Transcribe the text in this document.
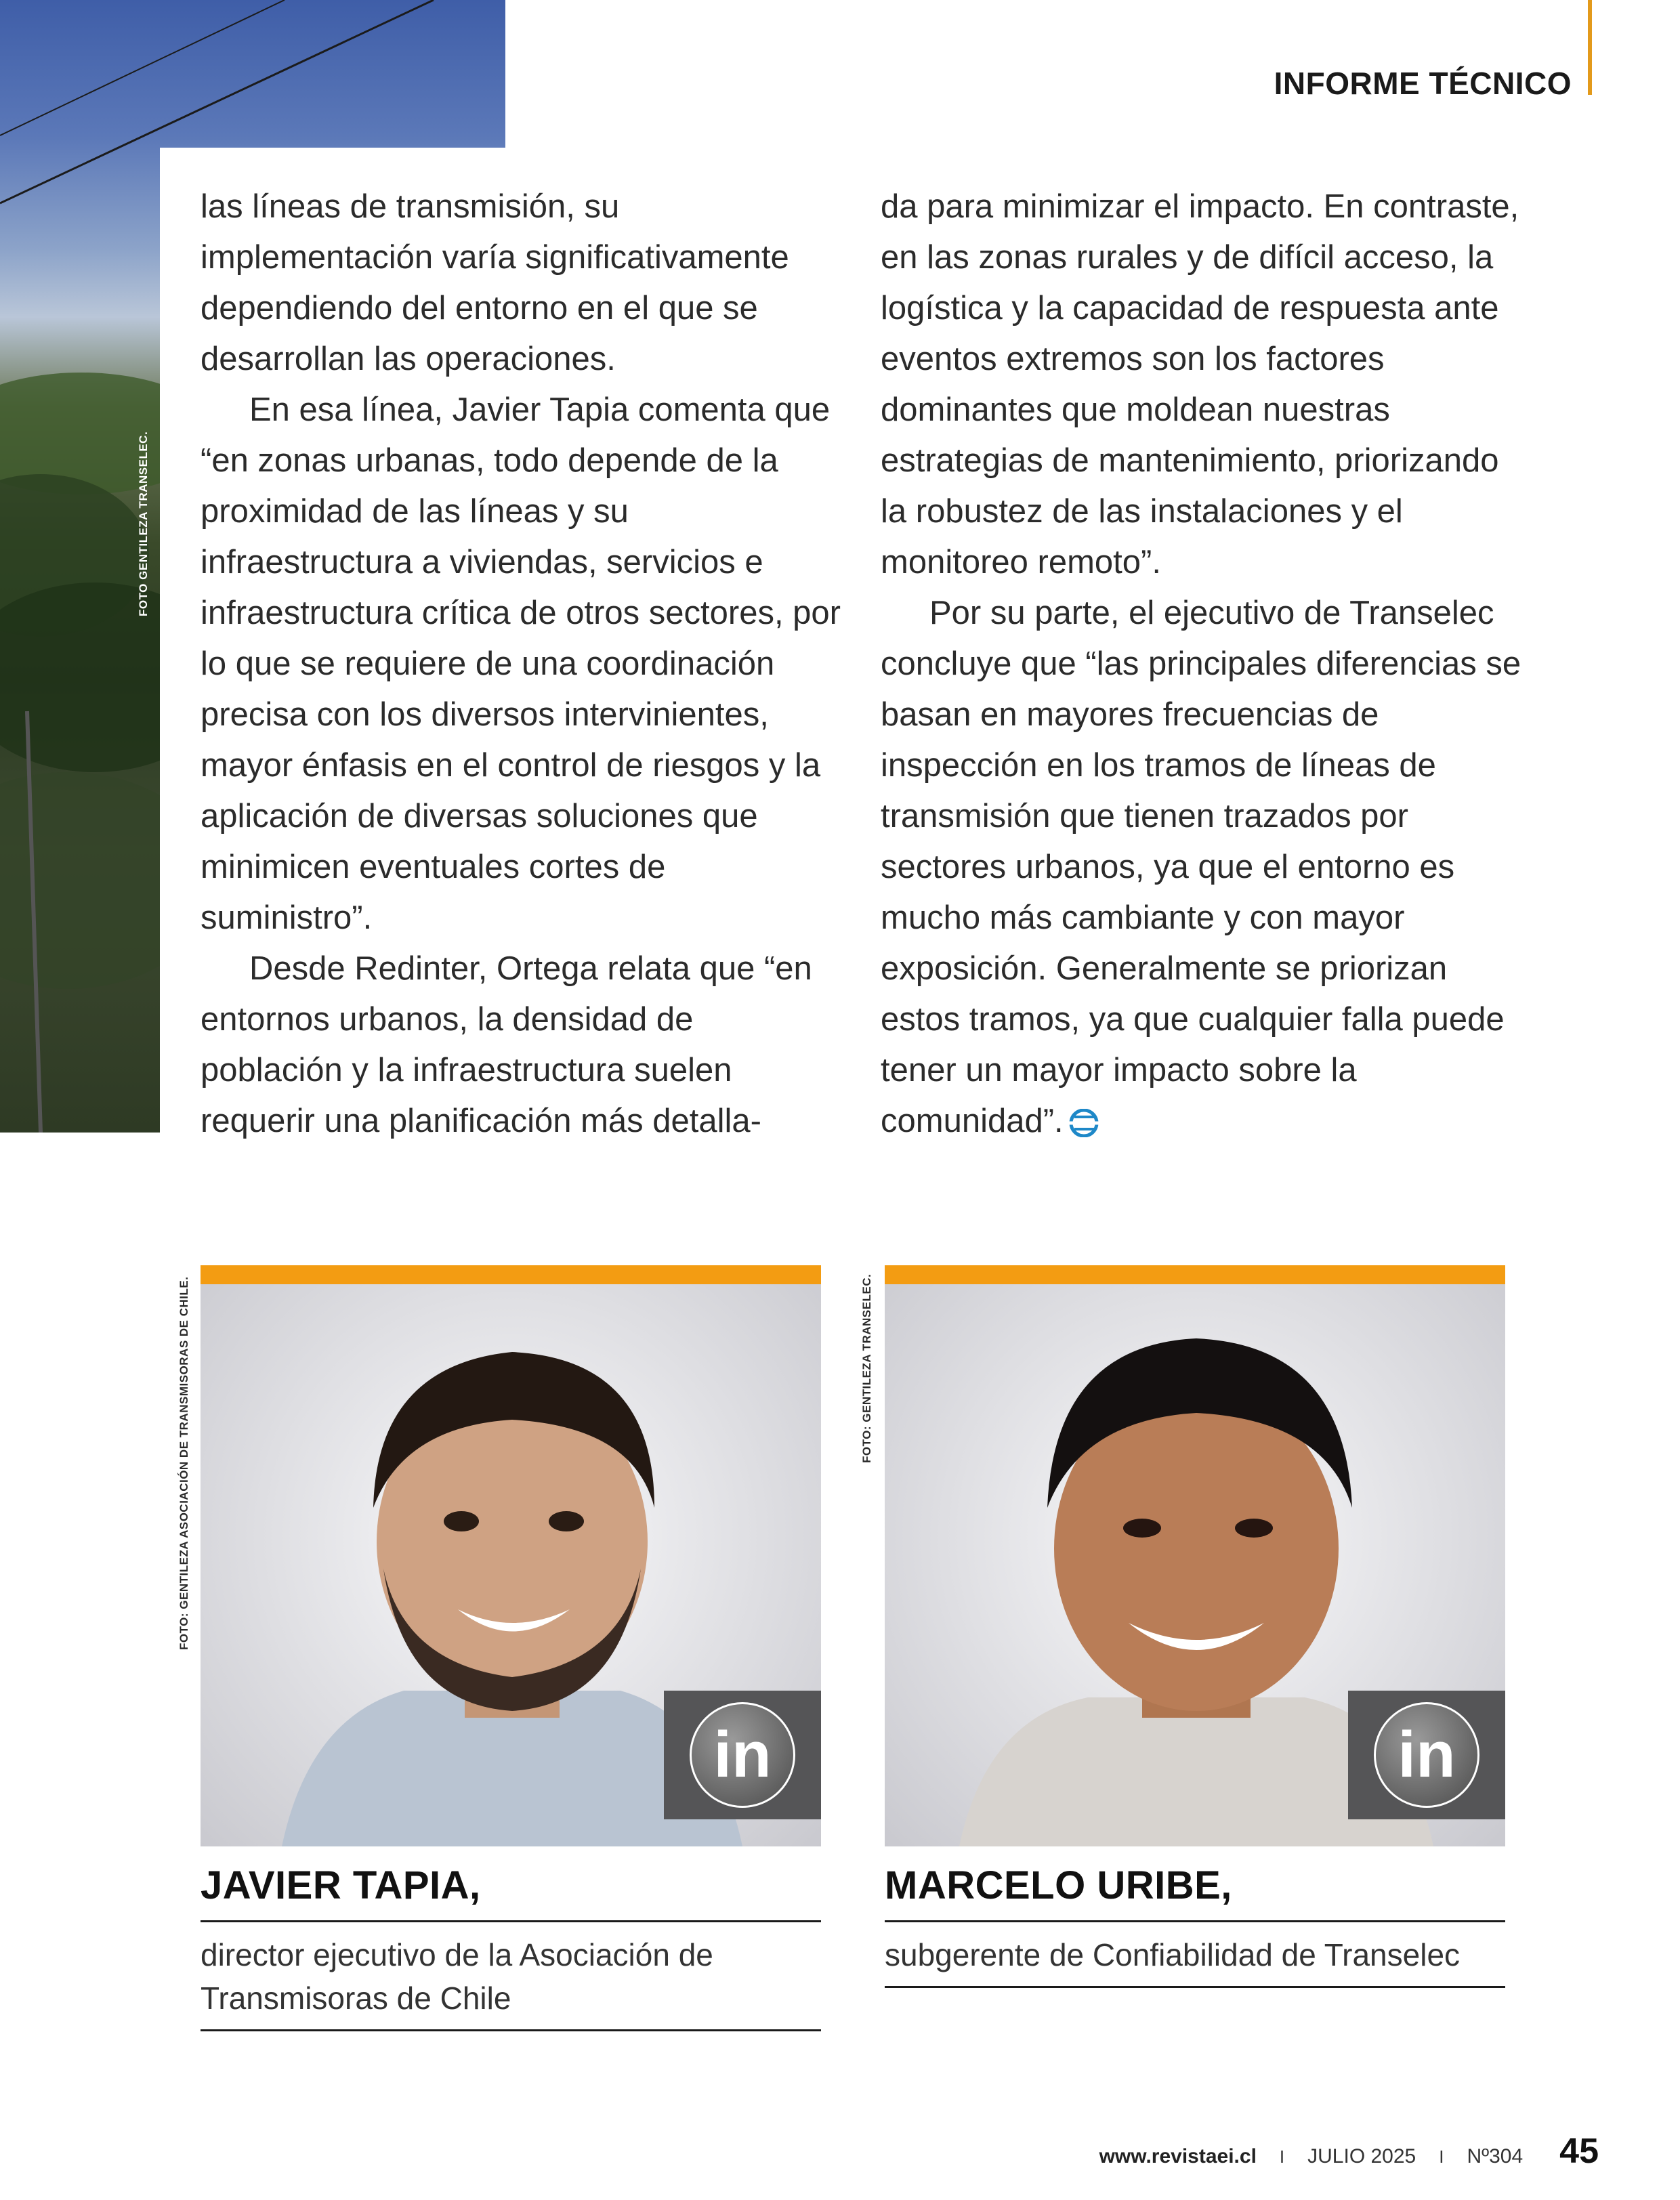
FOTO GENTILEZA TRANSELEC.
INFORME TÉCNICO

las líneas de transmisión, su implementación varía significativamente dependiendo del entorno en el que se desarrollan las operaciones.

En esa línea, Javier Tapia comenta que “en zonas urbanas, todo depende de la proximidad de las líneas y su infraestructura a viviendas, servicios e infraestructura crítica de otros sectores, por lo que se requiere de una coordinación precisa con los diversos intervinientes, mayor énfasis en el control de riesgos y la aplicación de diversas soluciones que minimicen eventuales cortes de suministro”.

Desde Redinter, Ortega relata que “en entornos urbanos, la densidad de población y la infraestructura suelen requerir una planificación más detalla-

da para minimizar el impacto. En contraste, en las zonas rurales y de difícil acceso, la logística y la capacidad de respuesta ante eventos extremos son los factores dominantes que moldean nuestras estrategias de mantenimiento, priorizando la robustez de las instalaciones y el monitoreo remoto”.

Por su parte, el ejecutivo de Transelec concluye que “las principales diferencias se basan en mayores frecuencias de inspección en los tramos de líneas de transmisión que tienen trazados por sectores urbanos, ya que el entorno es mucho más cambiante y con mayor exposición. Generalmente se priorizan estos tramos, ya que cualquier falla puede tener un mayor impacto sobre la comunidad”.

FOTO: GENTILEZA ASOCIACIÓN DE TRANSMISORAS DE CHILE.
in
JAVIER TAPIA,
director ejecutivo de la Asociación de Transmisoras de Chile
FOTO: GENTILEZA TRANSELEC.
in
MARCELO URIBE,
subgerente de Confiabilidad de Transelec
www.revistaei.cl I JULIO 2025 I Nº304 45
